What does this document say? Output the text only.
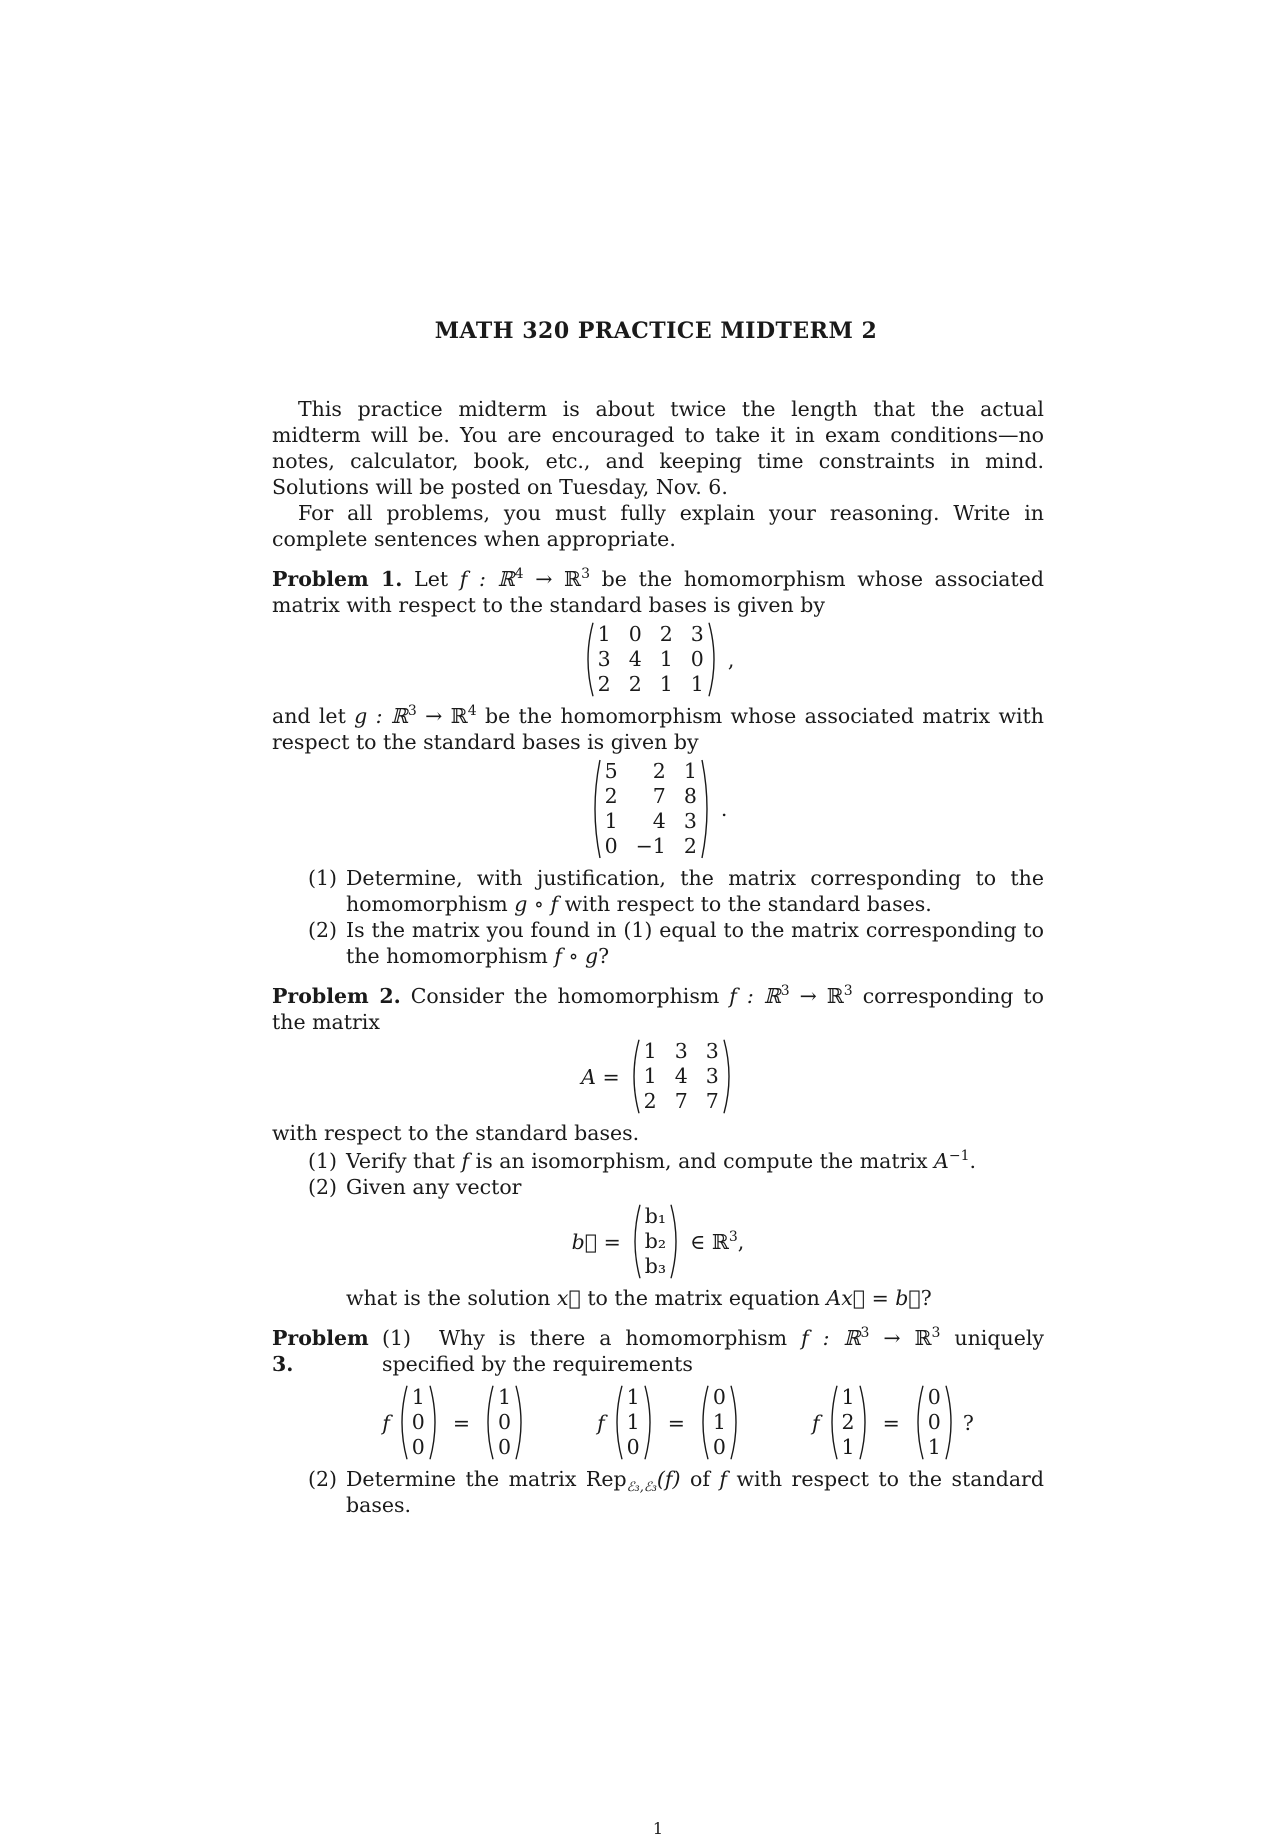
MATH 320 PRACTICE MIDTERM 2

This practice midterm is about twice the length that the actual midterm will be. You are encouraged to take it in exam conditions—no notes, calculator, book, etc., and keeping time constraints in mind. Solutions will be posted on Tuesday, Nov. 6.

For all problems, you must fully explain your reasoning. Write in complete sentences when appropriate.

Problem 1. Let f : ℝ$^4$ → ℝ$^3$ be the homomorphism whose associated matrix with respect to the standard bases is given by

1 0 2 3
3 4 1 0
2 2 1 1
,

and let g : ℝ$^3$ → ℝ$^4$ be the homomorphism whose associated matrix with respect to the standard bases is given by

5	2 1
2	7 8
1	4 3
0 −1 2
.
(1) Determine, with justification, the matrix corresponding to the homomorphism g ∘ f with respect to the standard bases.
(2) Is the matrix you found in (1) equal to the matrix corresponding to the homomorphism f ∘ g?

Problem 2. Consider the homomorphism f : ℝ$^3$ → ℝ$^3$ corresponding to the matrix

A =
1 3 3
1 4 3
2 7 7

with respect to the standard bases.

(1) Verify that f is an isomorphism, and compute the matrix $A^{-1}$.
(2) Given any vector
b⃗ =
b₁
b₂
b₃
∈ ℝ$^3$,

what is the solution x⃗ to the matrix equation Ax⃗ = b⃗?

Problem 3.

(1) Why is there a homomorphism f : ℝ$^3$ → ℝ$^3$ uniquely specified by the requirements

f
1
0
0
=
1
0
0
f
1
1
0
=
0
1
0
f
1
2
1
=
0
0
1
?
(2) Determine the matrix Rep$_{ℰ_3,ℰ_3}$(f) of f with respect to the standard bases.
1
